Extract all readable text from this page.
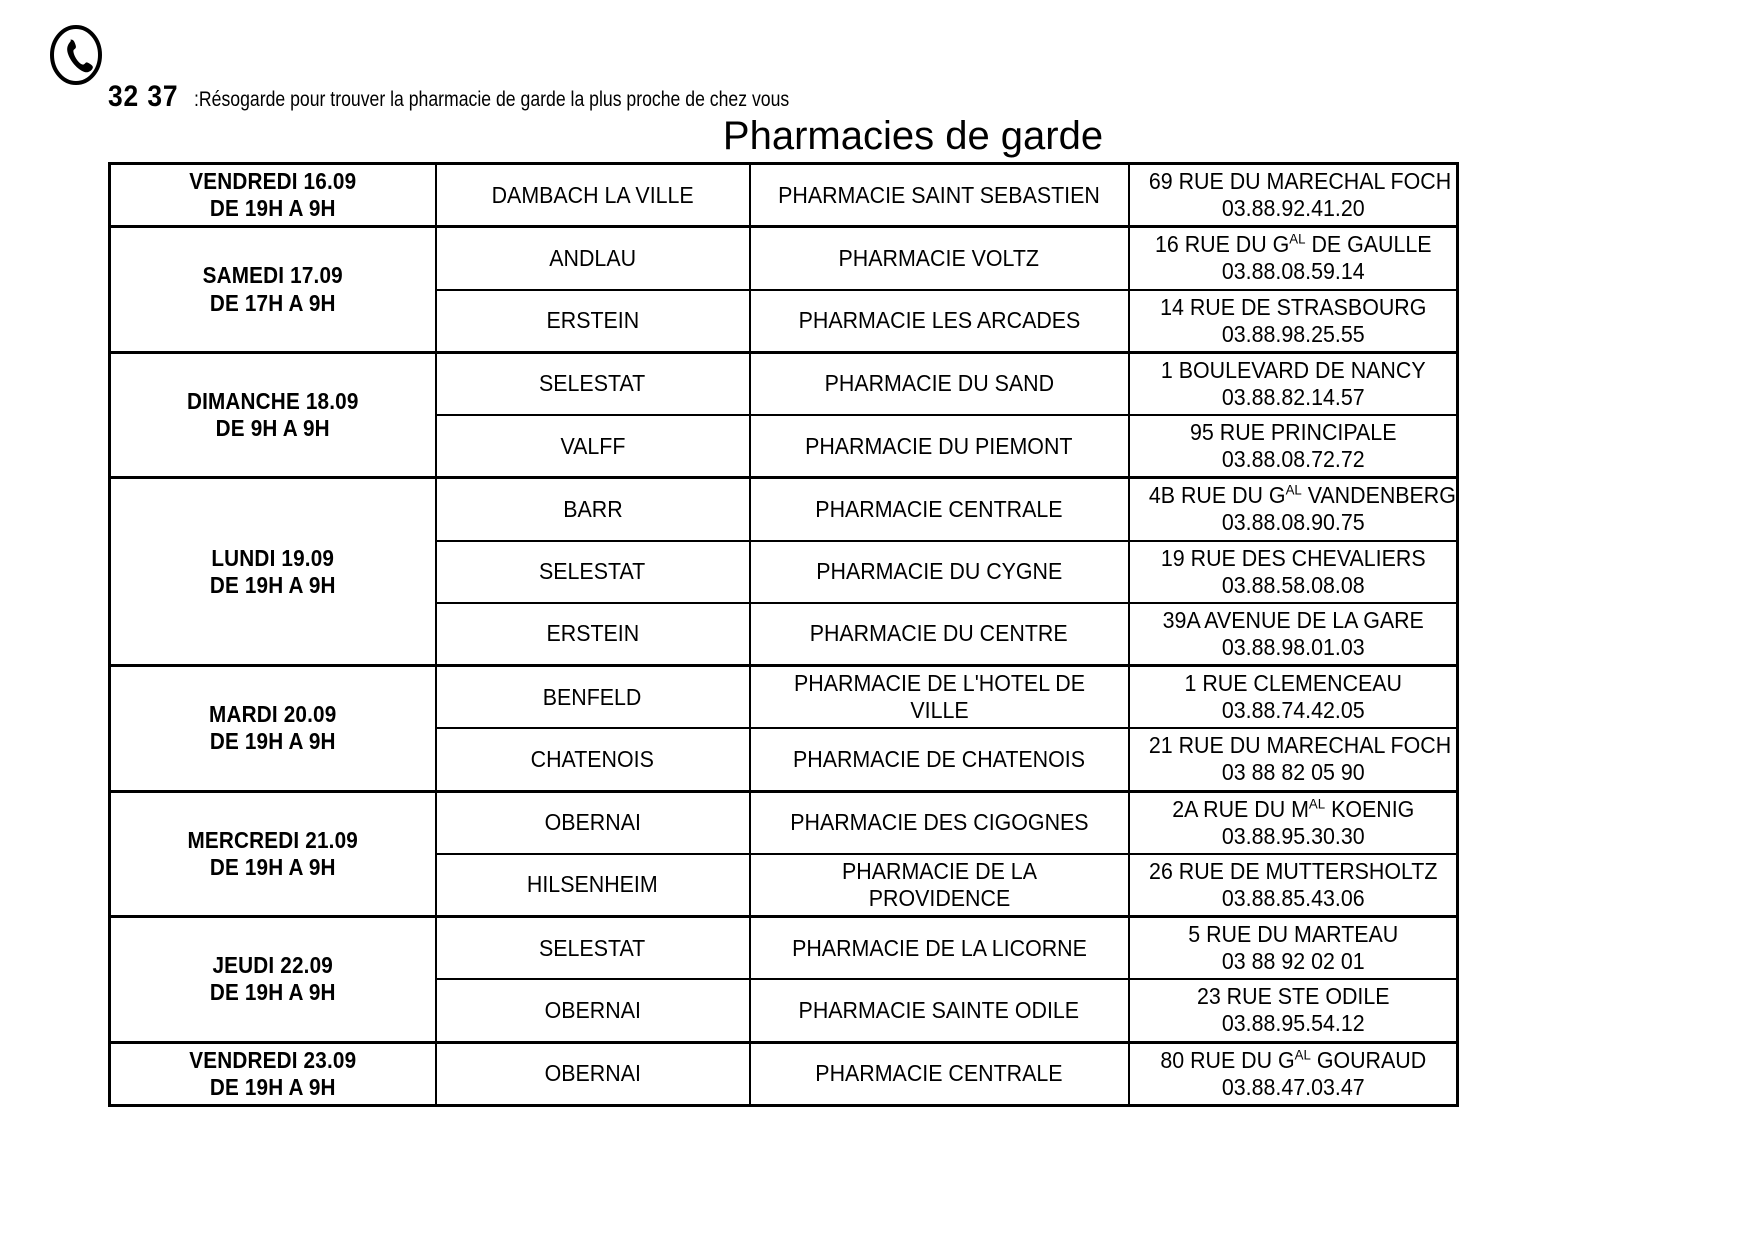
32 37 :Résogarde pour trouver la pharmacie de garde la plus proche de chez vous
Pharmacies de garde
VENDREDI 16.09
DE 19H A 9H	DAMBACH LA VILLE	PHARMACIE SAINT SEBASTIEN	69 RUE DU MARECHAL FOCH
03.88.92.41.20

SAMEDI 17.09
DE 17H A 9H	ANDLAU	PHARMACIE VOLTZ	16 RUE DU $G^{AL}$ DE GAULLE
03.88.08.59.14

	ERSTEIN	PHARMACIE LES ARCADES	14 RUE DE STRASBOURG
03.88.98.25.55

DIMANCHE 18.09
DE 9H A 9H	SELESTAT	PHARMACIE DU SAND	1 BOULEVARD DE NANCY
03.88.82.14.57

	VALFF	PHARMACIE DU PIEMONT	95 RUE PRINCIPALE
03.88.08.72.72

LUNDI 19.09
DE 19H A 9H	BARR	PHARMACIE CENTRALE	4B RUE DU $G^{AL}$ VANDENBERG
03.88.08.90.75

	SELESTAT	PHARMACIE DU CYGNE	19 RUE DES CHEVALIERS
03.88.58.08.08

	ERSTEIN	PHARMACIE DU CENTRE	39A AVENUE DE LA GARE
03.88.98.01.03

MARDI 20.09
DE 19H A 9H	BENFELD	PHARMACIE DE L'HOTEL DE VILLE	1 RUE CLEMENCEAU
03.88.74.42.05

	CHATENOIS	PHARMACIE DE CHATENOIS	21 RUE DU MARECHAL FOCH
03 88 82 05 90

MERCREDI 21.09
DE 19H A 9H	OBERNAI	PHARMACIE DES CIGOGNES	2A RUE DU $M^{AL}$ KOENIG
03.88.95.30.30

	HILSENHEIM	PHARMACIE DE LA PROVIDENCE	26 RUE DE MUTTERSHOLTZ
03.88.85.43.06

JEUDI 22.09
DE 19H A 9H	SELESTAT	PHARMACIE DE LA LICORNE	5 RUE DU MARTEAU
03 88 92 02 01

	OBERNAI	PHARMACIE SAINTE ODILE	23 RUE STE ODILE
03.88.95.54.12

VENDREDI 23.09
DE 19H A 9H	OBERNAI	PHARMACIE CENTRALE	80 RUE DU $G^{AL}$ GOURAUD
03.88.47.03.47
